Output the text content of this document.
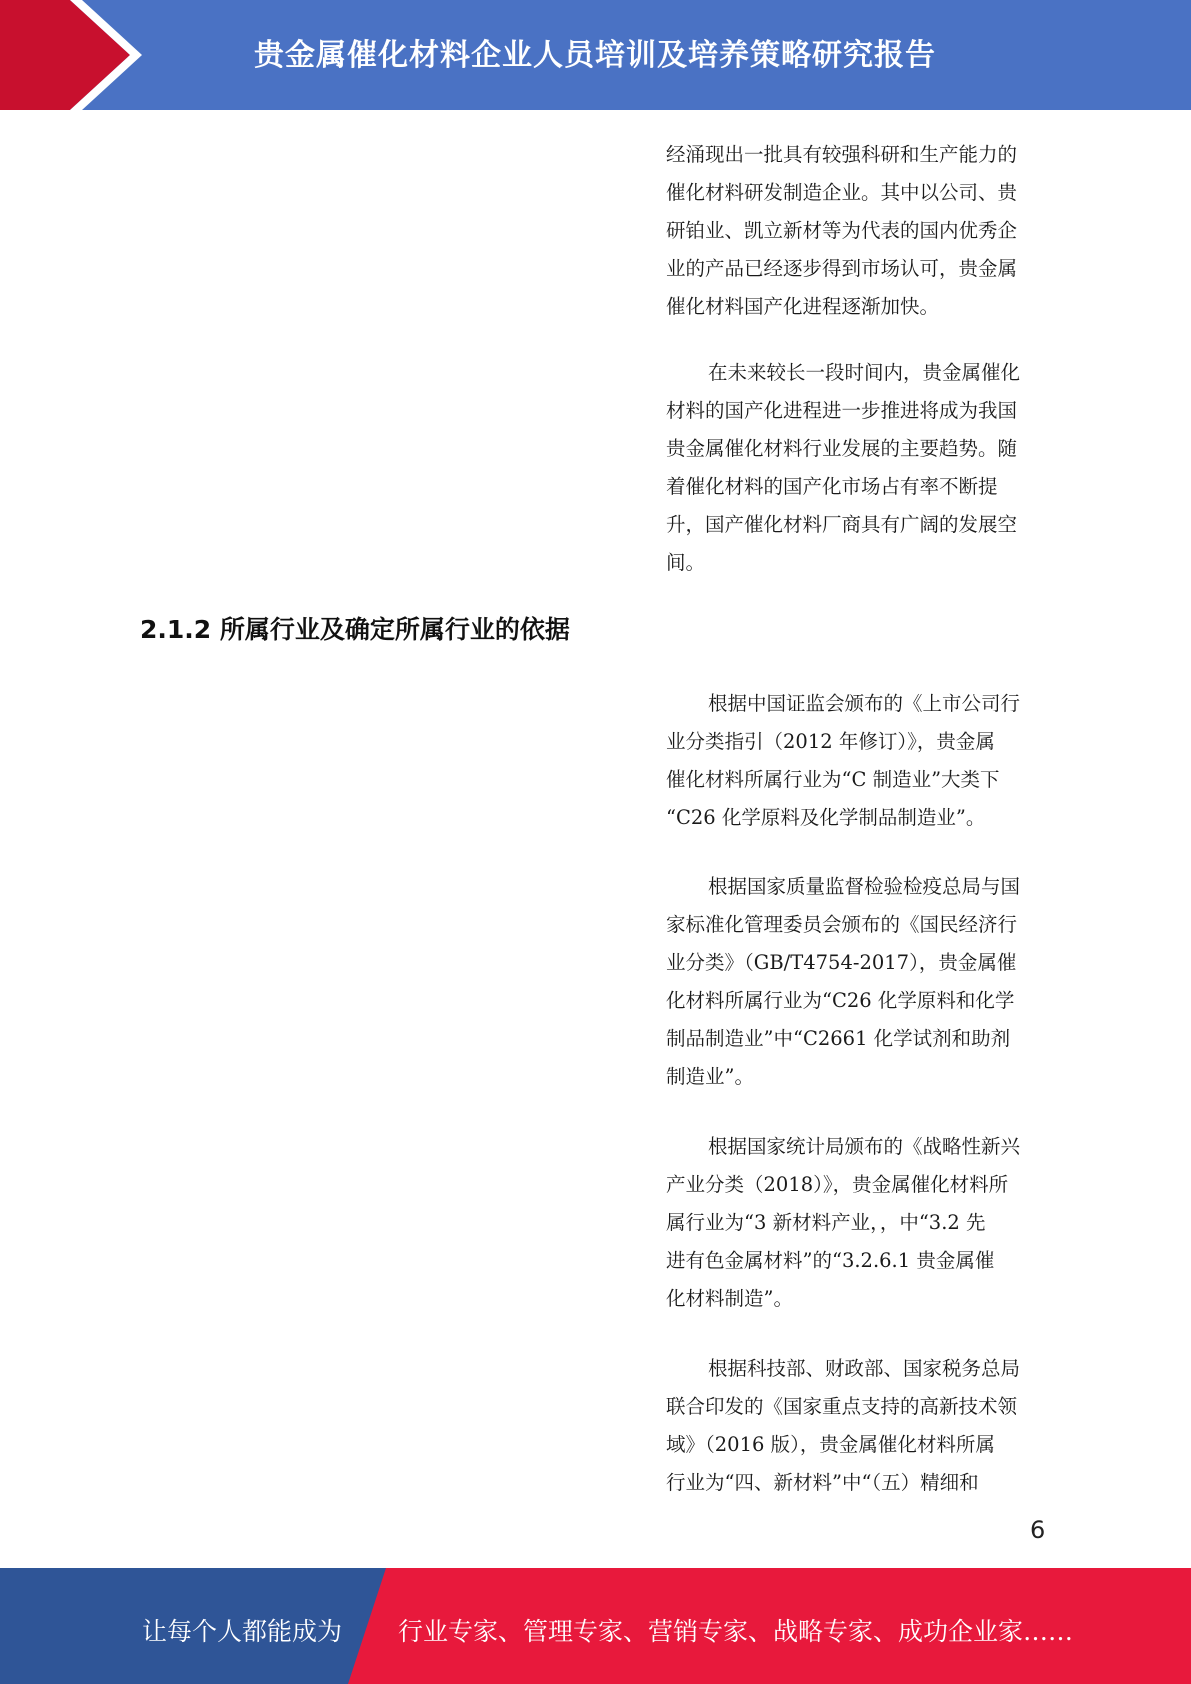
贵金属催化材料企业人员培训及培养策略研究报告
经涌现出一批具有较强科研和生产能力的
催化材料研发制造企业。其中以公司、贵
研铂业、凯立新材等为代表的国内优秀企
业的产品已经逐步得到市场认可，贵金属
催化材料国产化进程逐渐加快。
在未来较长一段时间内，贵金属催化
材料的国产化进程进一步推进将成为我国
贵金属催化材料行业发展的主要趋势。随
着催化材料的国产化市场占有率不断提
升，国产催化材料厂商具有广阔的发展空
间。
2.1.2 所属行业及确定所属行业的依据
根据中国证监会颁布的《上市公司行
业分类指引（2012 年修订）》，贵金属
催化材料所属行业为“C 制造业”大类下
“C26 化学原料及化学制品制造业”。
根据国家质量监督检验检疫总局与国
家标准化管理委员会颁布的《国民经济行
业分类》（GB/T4754-2017），贵金属催
化材料所属行业为“C26 化学原料和化学
制品制造业”中“C2661 化学试剂和助剂
制造业”。
根据国家统计局颁布的《战略性新兴
产业分类（2018）》，贵金属催化材料所
属行业为“3 新材料产业，，中“3.2 先
进有色金属材料”的“3.2.6.1 贵金属催
化材料制造”。
根据科技部、财政部、国家税务总局
联合印发的《国家重点支持的高新技术领
域》（2016 版），贵金属催化材料所属
行业为“四、新材料”中“（五）精细和
6
让每个人都能成为 行业专家、管理专家、营销专家、战略专家、成功企业家……
